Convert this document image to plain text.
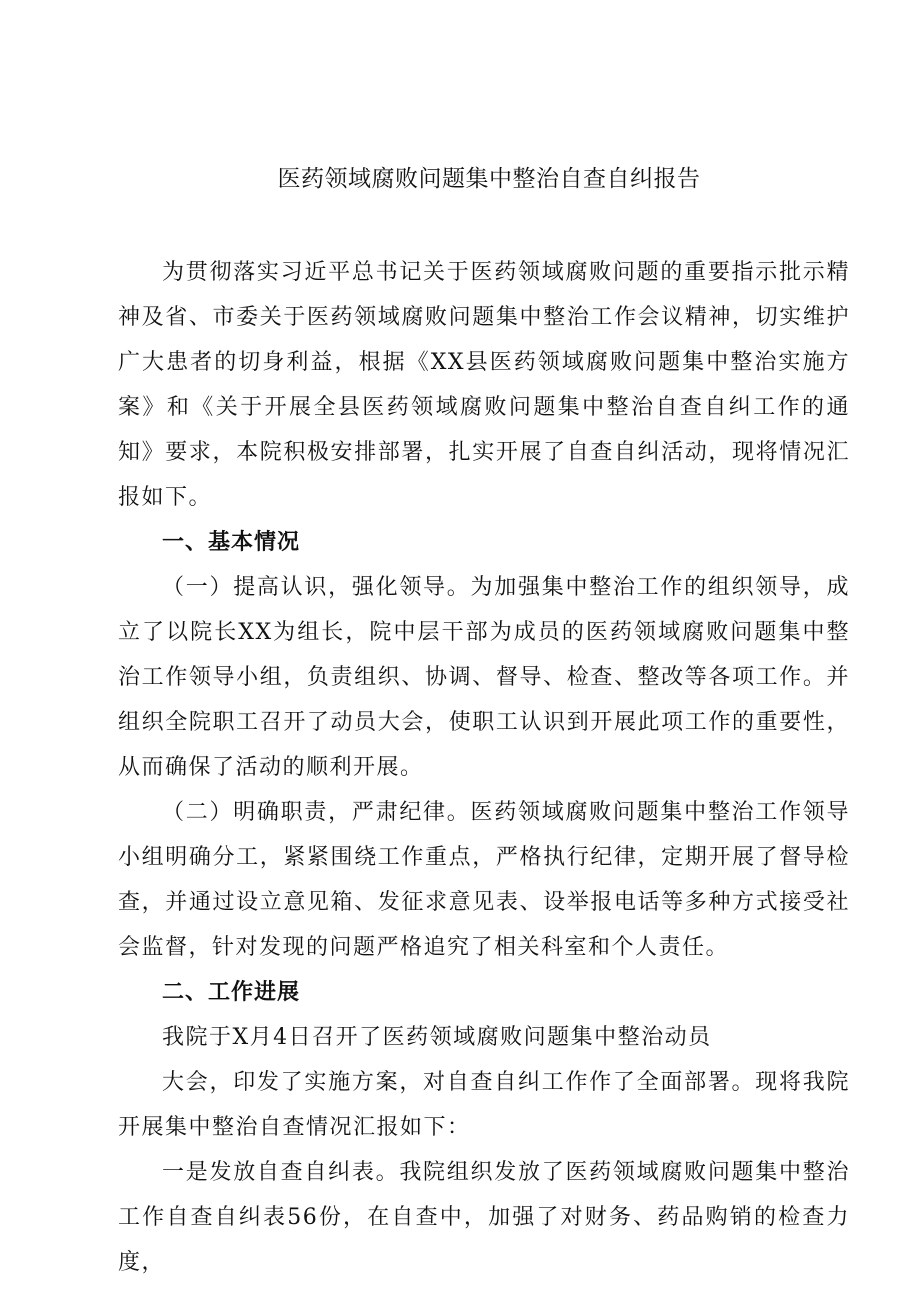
医药领域腐败问题集中整治自查自纠报告

为贯彻落实习近平总书记关于医药领域腐败问题的重要指示批示精神及省、市委关于医药领域腐败问题集中整治工作会议精神，切实维护广大患者的切身利益，根据《XX县医药领域腐败问题集中整治实施方案》和《关于开展全县医药领域腐败问题集中整治自查自纠工作的通知》要求，本院积极安排部署，扎实开展了自查自纠活动，现将情况汇报如下。

一、基本情况

（一）提高认识，强化领导。为加强集中整治工作的组织领导，成立了以院长XX为组长，院中层干部为成员的医药领域腐败问题集中整治工作领导小组，负责组织、协调、督导、检查、整改等各项工作。并组织全院职工召开了动员大会，使职工认识到开展此项工作的重要性，从而确保了活动的顺利开展。

（二）明确职责，严肃纪律。医药领域腐败问题集中整治工作领导小组明确分工，紧紧围绕工作重点，严格执行纪律，定期开展了督导检查，并通过设立意见箱、发征求意见表、设举报电话等多种方式接受社会监督，针对发现的问题严格追究了相关科室和个人责任。

二、工作进展

我院于X月4日召开了医药领域腐败问题集中整治动员

大会，印发了实施方案，对自查自纠工作作了全面部署。现将我院开展集中整治自查情况汇报如下：

一是发放自查自纠表。我院组织发放了医药领域腐败问题集中整治工作自查自纠表56份，在自查中，加强了对财务、药品购销的检查力度，
